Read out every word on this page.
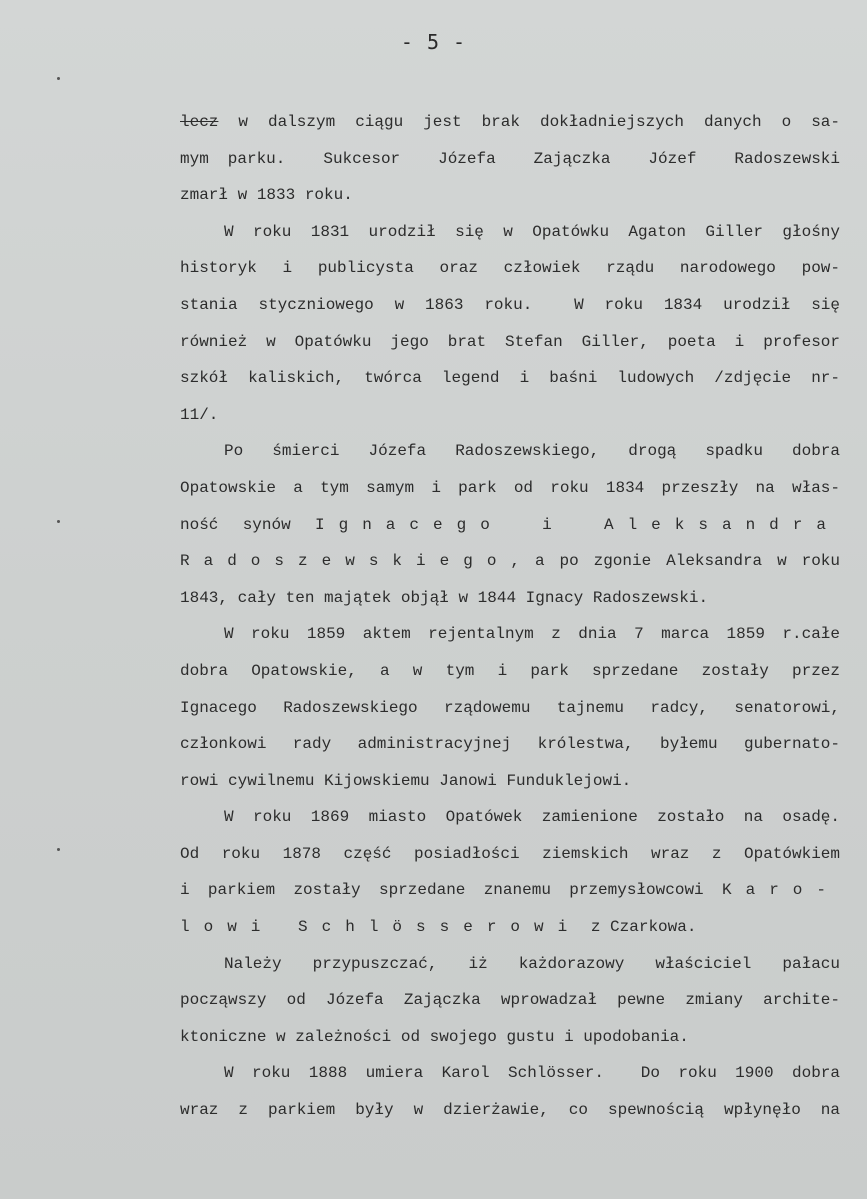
- 5 -
lecz w dalszym ciągu jest brak dokładniejszych danych o sa-
mym parku.  Sukcesor  Józefa  Zajączka  Józef  Radoszewski
zmarł w 1833 roku.
W roku 1831 urodził się w Opatówku Agaton Giller głośny
historyk i publicysta oraz człowiek rządu narodowego pow-
stania styczniowego w 1863 roku.  W roku 1834 urodził się
również w Opatówku jego brat Stefan Giller, poeta i profesor
szkół kaliskich, twórca legend i baśni ludowych /zdjęcie nr-
11/.
Po śmierci Józefa Radoszewskiego, drogą spadku dobra
Opatowskie a tym samym i park od roku 1834 przeszły na włas-
ność synów Ignacego i Aleksandra
Radoszewskiego, a po zgonie Aleksandra w roku
1843, cały ten majątek objął w 1844 Ignacy Radoszewski.
W roku 1859 aktem rejentalnym z dnia 7 marca 1859 r.całe
dobra Opatowskie, a w tym i park sprzedane zostały przez
Ignacego Radoszewskiego rządowemu tajnemu radcy, senatorowi,
członkowi rady administracyjnej królestwa, byłemu gubernato-
rowi cywilnemu Kijowskiemu Janowi Funduklejowi.
W roku 1869 miasto Opatówek zamienione zostało na osadę.
Od roku 1878 część posiadłości ziemskich wraz z Opatówkiem
i parkiem zostały sprzedane znanemu przemysłowcowi Karo-
lowi Schlösserowi z Czarkowa.
Należy przypuszczać, iż każdorazowy właściciel pałacu
począwszy od Józefa Zajączka wprowadzał pewne zmiany archite-
ktoniczne w zależności od swojego gustu i upodobania.
W roku 1888 umiera Karol Schlösser.  Do roku 1900 dobra
wraz z parkiem były w dzierżawie, co spewnością wpłynęło na
